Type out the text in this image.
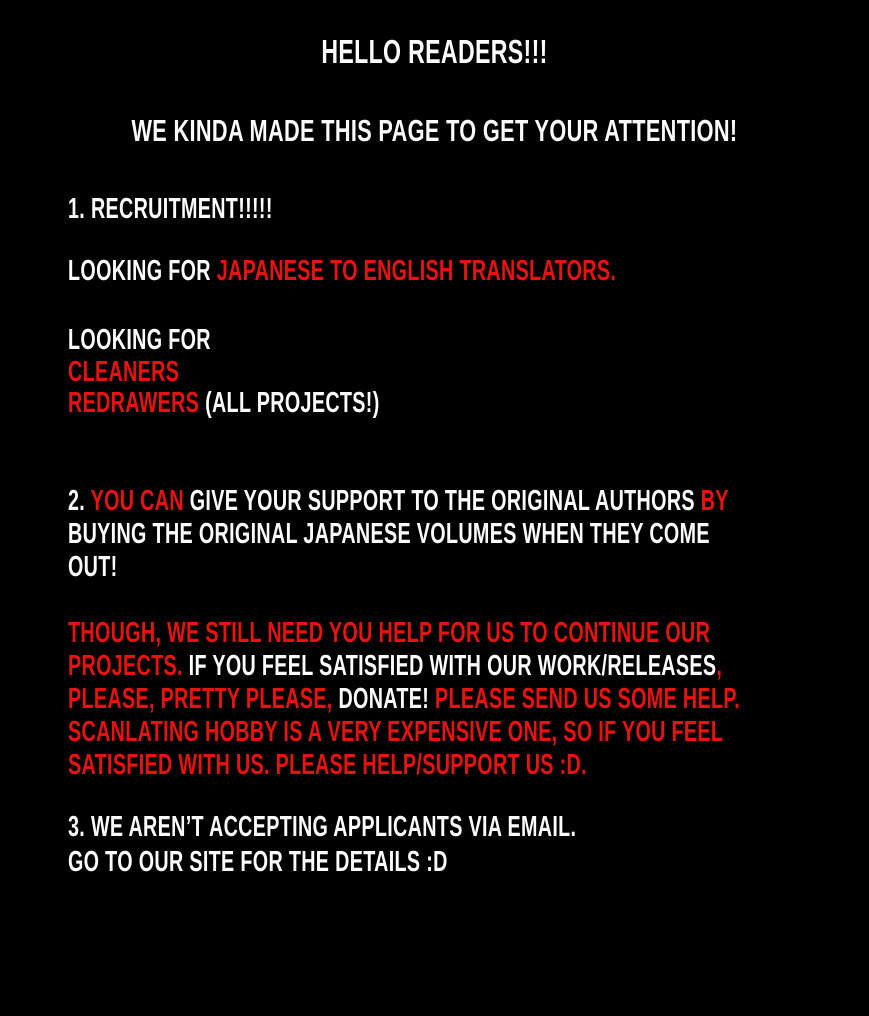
HELLO READERS!!!
WE KINDA MADE THIS PAGE TO GET YOUR ATTENTION!
1. RECRUITMENT!!!!!
LOOKING FOR JAPANESE TO ENGLISH TRANSLATORS.
LOOKING FOR
CLEANERS
REDRAWERS (ALL PROJECTS!)
2. YOU CAN GIVE YOUR SUPPORT TO THE ORIGINAL AUTHORS BY
BUYING THE ORIGINAL JAPANESE VOLUMES WHEN THEY COME
OUT!
THOUGH, WE STILL NEED YOU HELP FOR US TO CONTINUE OUR
PROJECTS. IF YOU FEEL SATISFIED WITH OUR WORK/RELEASES,
PLEASE, PRETTY PLEASE, DONATE! PLEASE SEND US SOME HELP.
SCANLATING HOBBY IS A VERY EXPENSIVE ONE, SO IF YOU FEEL
SATISFIED WITH US. PLEASE HELP/SUPPORT US :D.
3. WE AREN’T ACCEPTING APPLICANTS VIA EMAIL.
GO TO OUR SITE FOR THE DETAILS :D
